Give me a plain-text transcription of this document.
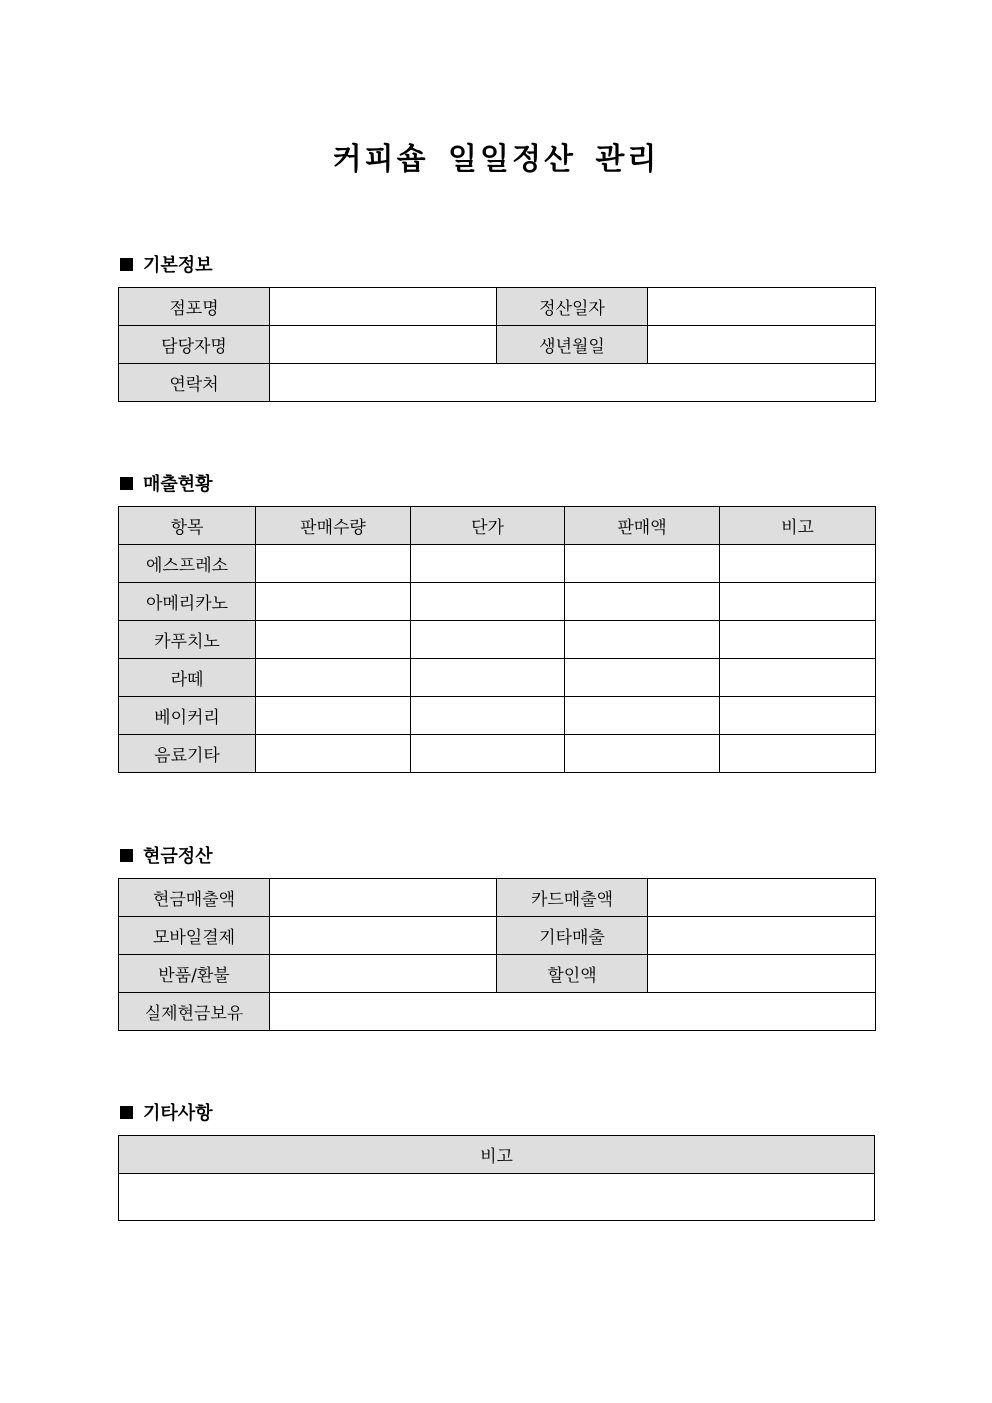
커피숍 일일정산 관리
기본정보
점포명		정산일자	
담당자명		생년월일	
연락처			
매출현황
항목	판매수량	단가	판매액	비고
에스프레소				
아메리카노				
카푸치노				
라떼				
베이커리				
음료기타				
현금정산
현금매출액		카드매출액	
모바일결제		기타매출	
반품/환불		할인액	
실제현금보유			
기타사항
비고
